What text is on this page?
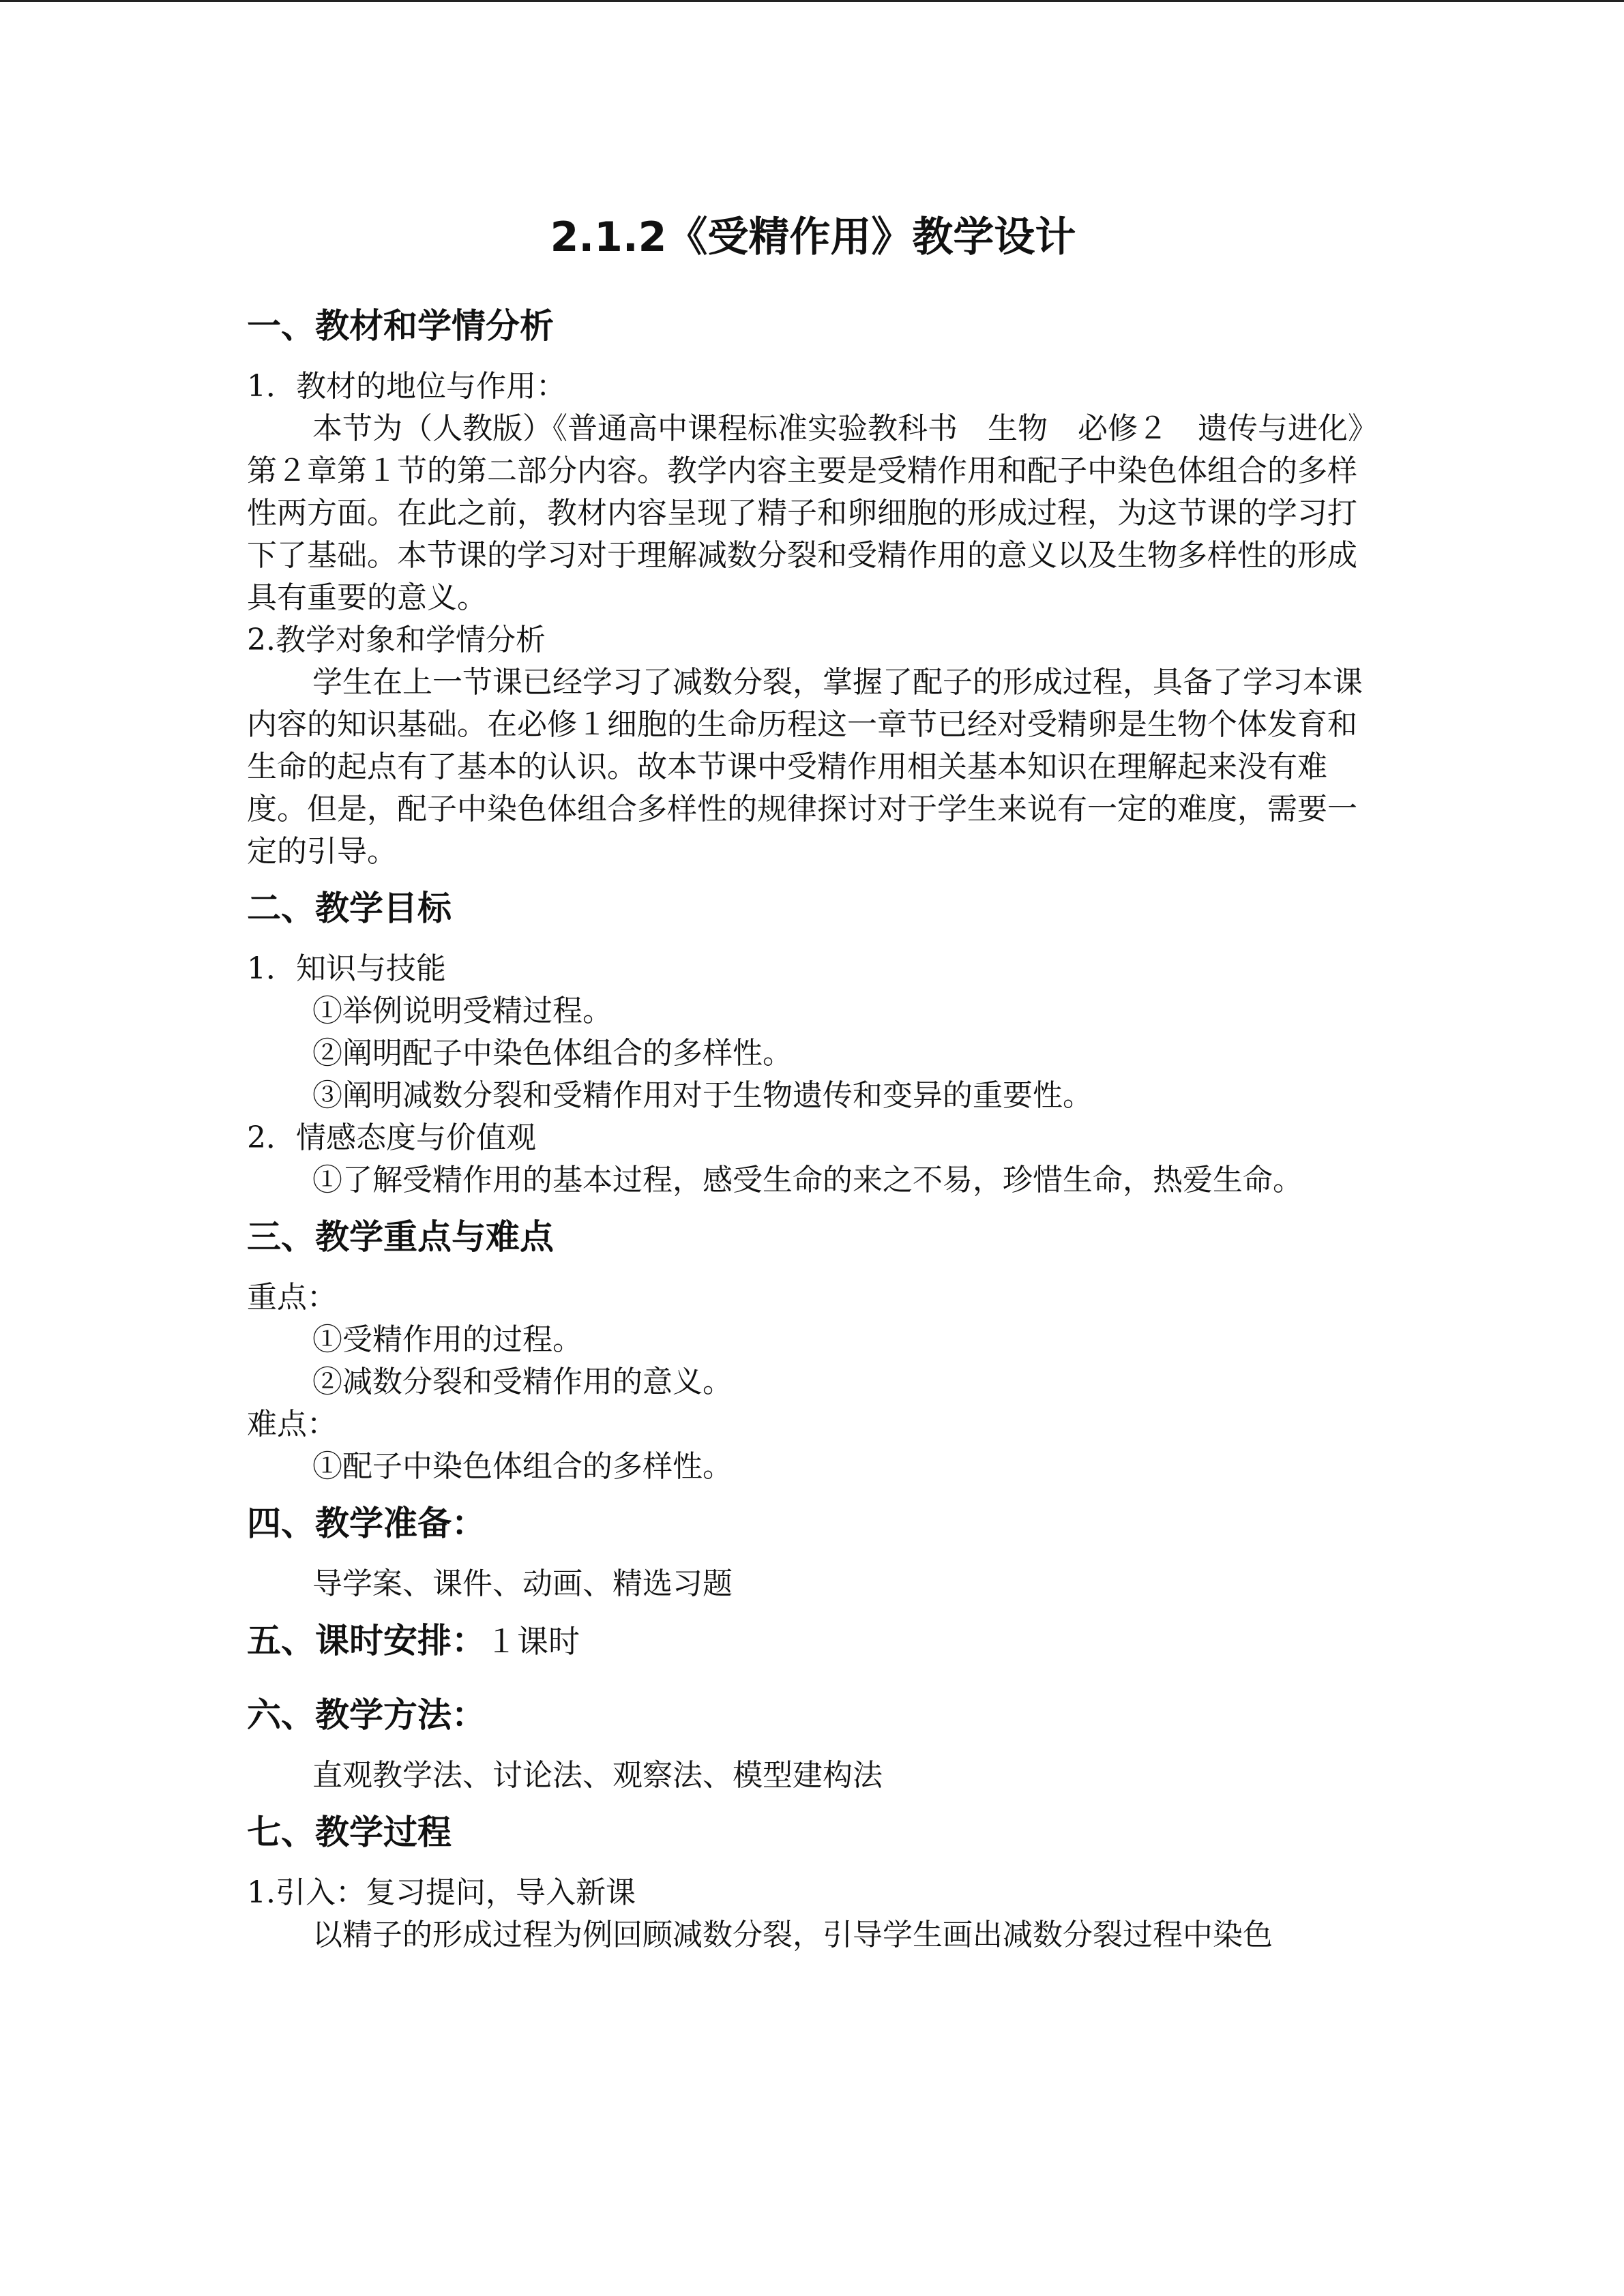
2.1.2《受精作用》教学设计
一、教材和学情分析

1．教材的地位与作用：

本节为（人教版）《普通高中课程标准实验教科书　生物　必修２　遗传与进化》第２章第１节的第二部分内容。教学内容主要是受精作用和配子中染色体组合的多样性两方面。在此之前，教材内容呈现了精子和卵细胞的形成过程，为这节课的学习打下了基础。本节课的学习对于理解减数分裂和受精作用的意义以及生物多样性的形成具有重要的意义。

2.教学对象和学情分析

学生在上一节课已经学习了减数分裂，掌握了配子的形成过程，具备了学习本课内容的知识基础。在必修１细胞的生命历程这一章节已经对受精卵是生物个体发育和生命的起点有了基本的认识。故本节课中受精作用相关基本知识在理解起来没有难度。但是，配子中染色体组合多样性的规律探讨对于学生来说有一定的难度，需要一定的引导。

二、教学目标

1．知识与技能

①举例说明受精过程。
②阐明配子中染色体组合的多样性。
③阐明减数分裂和受精作用对于生物遗传和变异的重要性。

2．情感态度与价值观

①了解受精作用的基本过程，感受生命的来之不易，珍惜生命，热爱生命。

三、教学重点与难点

重点：

①受精作用的过程。
②减数分裂和受精作用的意义。

难点：

①配子中染色体组合的多样性。
四、教学准备：
导学案、课件、动画、精选习题
五、课时安排：１课时
六、教学方法：
直观教学法、讨论法、观察法、模型建构法
七、教学过程

1.引入：复习提问，导入新课

以精子的形成过程为例回顾减数分裂，引导学生画出减数分裂过程中染色
